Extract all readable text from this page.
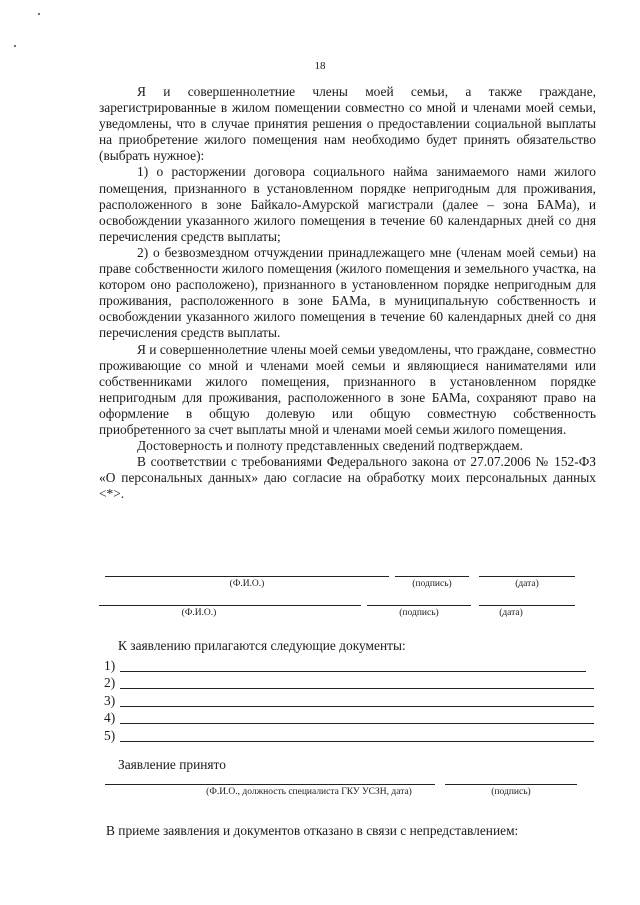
18

Я и совершеннолетние члены моей семьи, а также граждане, зарегистрированные в жилом помещении совместно со мной и членами моей семьи, уведомлены, что в случае принятия решения о предоставлении социальной выплаты на приобретение жилого помещения нам необходимо будет принять обязательство (выбрать нужное):

1) о расторжении договора социального найма занимаемого нами жилого помещения, признанного в установленном порядке непригодным для проживания, расположенного в зоне Байкало-Амурской магистрали (далее – зона БАМа), и освобождении указанного жилого помещения в течение 60 календарных дней со дня перечисления средств выплаты;

2) о безвозмездном отчуждении принадлежащего мне (членам моей семьи) на праве собственности жилого помещения (жилого помещения и земельного участка, на котором оно расположено), признанного в установленном порядке непригодным для проживания, расположенного в зоне БАМа, в муниципальную собственность и освобождении указанного жилого помещения в течение 60 календарных дней со дня перечисления средств выплаты.

Я и совершеннолетние члены моей семьи уведомлены, что граждане, совместно проживающие со мной и членами моей семьи и являющиеся нанимателями или собственниками жилого помещения, признанного в установленном порядке непригодным для проживания, расположенного в зоне БАМа, сохраняют право на оформление в общую долевую или общую совместную собственность приобретенного за счет выплаты мной и членами моей семьи жилого помещения.

Достоверность и полноту представленных сведений подтверждаем.

В соответствии с требованиями Федерального закона от 27.07.2006 № 152-ФЗ «О персональных данных» даю согласие на обработку моих персональных данных <*>.

(Ф.И.О.)	(подпись)	(дата)
(Ф.И.О.)	(подпись)	(дата)
К заявлению прилагаются следующие документы:
1)
2)
3)
4)
5)
Заявление принято
(Ф.И.О., должность специалиста ГКУ УСЗН, дата)	(подпись)
В приеме заявления и документов отказано в связи с непредставлением:
